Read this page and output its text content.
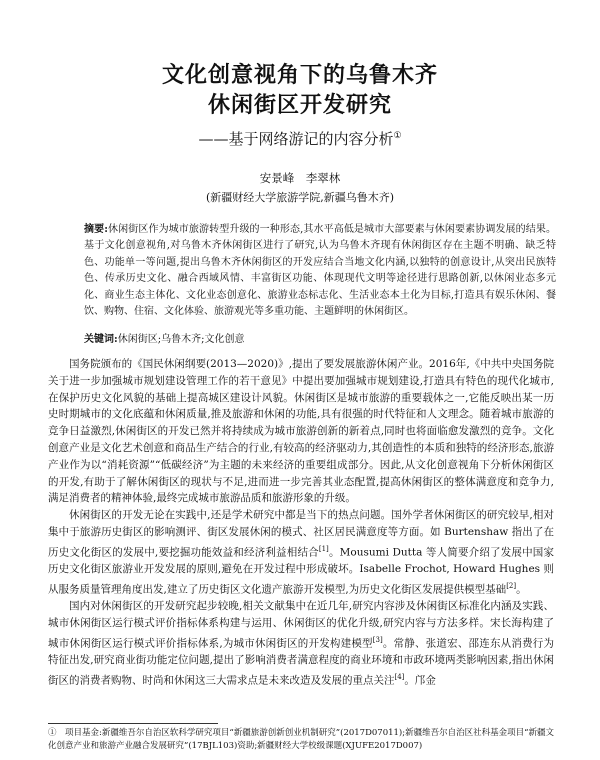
文化创意视角下的乌鲁木齐
休闲街区开发研究
——基于网络游记的内容分析①
安景峰　李翠林
(新疆财经大学旅游学院,新疆乌鲁木齐)
摘要:休闲街区作为城市旅游转型升级的一种形态,其水平高低是城市大部要素与休闲要素协调发展的结果。基于文化创意视角,对乌鲁木齐休闲街区进行了研究,认为乌鲁木齐现有休闲街区存在主题不明确、缺乏特色、功能单一等问题,提出乌鲁木齐休闲街区的开发应结合当地文化内涵,以独特的创意设计,从突出民族特色、传承历史文化、融合西域风情、丰富街区功能、体现现代文明等途径进行思路创新,以休闲业态多元化、商业生态主体化、文化业态创意化、旅游业态标志化、生活业态本土化为目标,打造具有娱乐休闲、餐饮、购物、住宿、文化体验、旅游观光等多重功能、主题鲜明的休闲街区。
关键词:休闲街区;乌鲁木齐;文化创意

国务院颁布的《国民休闲纲要(2013—2020)》,提出了要发展旅游休闲产业。2016年,《中共中央国务院关于进一步加强城市规划建设管理工作的若干意见》中提出要加强城市规划建设,打造具有特色的现代化城市,在保护历史文化风貌的基础上提高城区建设计风貌。休闲街区是城市旅游的重要载体之一,它能反映出某一历史时期城市的文化底蕴和休闲质量,推及旅游和休闲的功能,具有很强的时代特征和人文理念。随着城市旅游的竞争日益激烈,休闲街区的开发已然并将持续成为城市旅游创新的新着点,同时也将面临愈发激烈的竞争。文化创意产业是文化艺术创意和商品生产结合的行业,有较高的经济驱动力,其创造性的本质和独特的经济形态,旅游产业作为以“消耗资源”“低碳经济”为主题的未来经济的重要组成部分。因此,从文化创意视角下分析休闲街区的开发,有助于了解休闲街区的现状与不足,进而进一步完善其业态配置,提高休闲街区的整体满意度和竞争力,满足消费者的精神体验,最终完成城市旅游品质和旅游形象的升级。

休闲街区的开发无论在实践中,还是学术研究中都是当下的热点问题。国外学者休闲街区的研究较早,相对集中于旅游历史街区的影响测评、街区发展休闲的模式、社区居民满意度等方面。如 Burtenshaw 指出了在历史文化街区的发展中,要挖掘功能效益和经济利益相结合[1]。Mousumi Dutta 等人简要介绍了发展中国家历史文化街区旅游业开发发展的原则,避免在开发过程中形成破坏。Isabelle Frochot, Howard Hughes 则从服务质量管理角度出发,建立了历史街区文化遗产旅游开发模型,为历史文化街区发展提供模型基础[2]。

国内对休闲街区的开发研究起步较晚,相关文献集中在近几年,研究内容涉及休闲街区标准化内涵及实践、城市休闲街区运行模式评价指标体系构建与运用、休闲街区的优化升级,研究内容与方法多样。宋长海构建了城市休闲街区运行模式评价指标体系,为城市休闲街区的开发构建模型[3]。常静、张道宏、邵连东从消费行为特征出发,研究商业街功能定位问题,提出了影响消费者满意程度的商业环境和市政环境两类影响因素,指出休闲街区的消费者购物、时尚和休闲这三大需求点是未来改造及发展的重点关注[4]。邝金

①　项目基金:新疆维吾尔自治区软科学研究项目“新疆旅游创新创业机制研究”(2017D07011);新疆维吾尔自治区社科基金项目“新疆文化创意产业和旅游产业融合发展研究”(17BJL103)资助;新疆财经大学校级课题(XJUFE2017D007)
